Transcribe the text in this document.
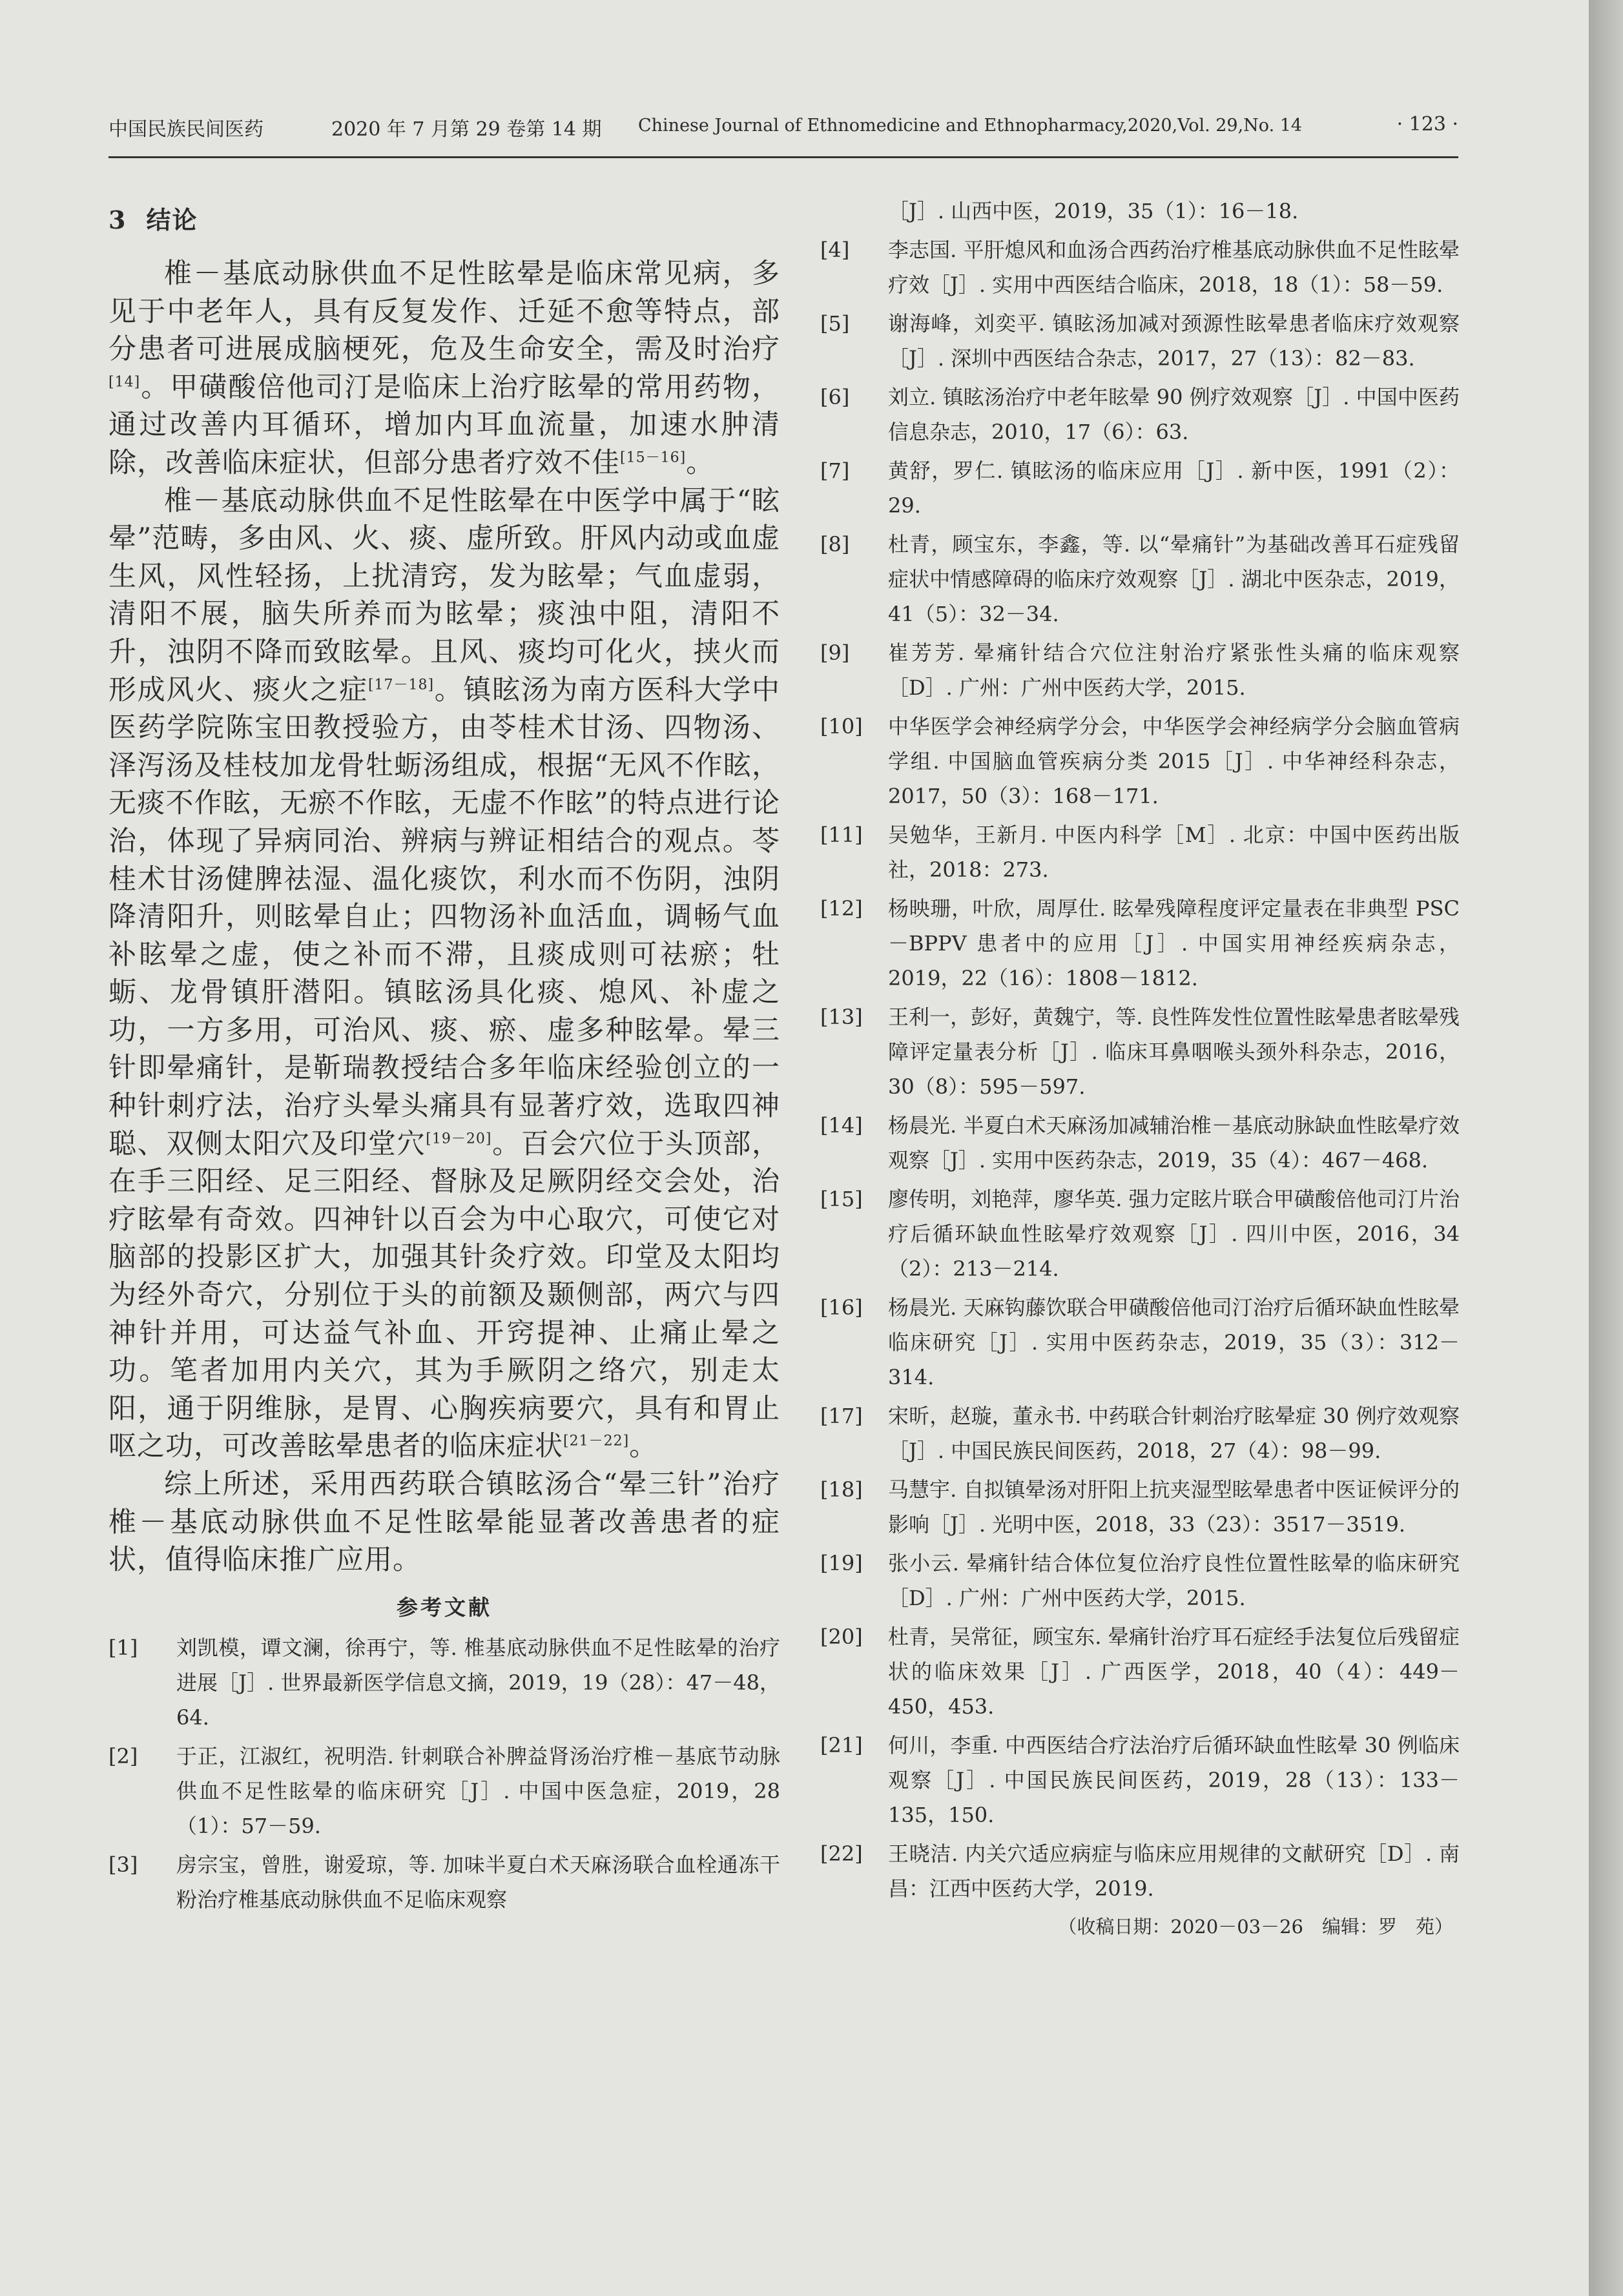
中国民族民间医药	2020 年 7 月第 29 卷第 14 期 Chinese Journal of Ethnomedicine and Ethnopharmacy,2020,Vol. 29,No. 14	· 123 ·
3 结论

椎－基底动脉供血不足性眩晕是临床常见病，多见于中老年人，具有反复发作、迁延不愈等特点，部分患者可进展成脑梗死，危及生命安全，需及时治疗[14]。甲磺酸倍他司汀是临床上治疗眩晕的常用药物，通过改善内耳循环，增加内耳血流量，加速水肿清除，改善临床症状，但部分患者疗效不佳[15－16]。

椎－基底动脉供血不足性眩晕在中医学中属于“眩晕”范畴，多由风、火、痰、虚所致。肝风内动或血虚生风，风性轻扬，上扰清窍，发为眩晕；气血虚弱，清阳不展，脑失所养而为眩晕；痰浊中阻，清阳不升，浊阴不降而致眩晕。且风、痰均可化火，挟火而形成风火、痰火之症[17－18]。镇眩汤为南方医科大学中医药学院陈宝田教授验方，由苓桂术甘汤、四物汤、泽泻汤及桂枝加龙骨牡蛎汤组成，根据“无风不作眩，无痰不作眩，无瘀不作眩，无虚不作眩”的特点进行论治，体现了异病同治、辨病与辨证相结合的观点。苓桂术甘汤健脾祛湿、温化痰饮，利水而不伤阴，浊阴降清阳升，则眩晕自止；四物汤补血活血，调畅气血补眩晕之虚，使之补而不滞，且痰成则可祛瘀；牡蛎、龙骨镇肝潜阳。镇眩汤具化痰、熄风、补虚之功，一方多用，可治风、痰、瘀、虚多种眩晕。晕三针即晕痛针，是靳瑞教授结合多年临床经验创立的一种针刺疗法，治疗头晕头痛具有显著疗效，选取四神聪、双侧太阳穴及印堂穴[19－20]。百会穴位于头顶部，在手三阳经、足三阳经、督脉及足厥阴经交会处，治疗眩晕有奇效。四神针以百会为中心取穴，可使它对脑部的投影区扩大，加强其针灸疗效。印堂及太阳均为经外奇穴，分别位于头的前额及颞侧部，两穴与四神针并用，可达益气补血、开窍提神、止痛止晕之功。笔者加用内关穴，其为手厥阴之络穴，别走太阳，通于阴维脉，是胃、心胸疾病要穴，具有和胃止呕之功，可改善眩晕患者的临床症状[21－22]。

综上所述，采用西药联合镇眩汤合“晕三针”治疗椎－基底动脉供血不足性眩晕能显著改善患者的症状，值得临床推广应用。

参考文献
[1]	刘凯模，谭文澜，徐再宁，等. 椎基底动脉供血不足性眩晕的治疗进展［J］. 世界最新医学信息文摘，2019，19（28）：47－48，64.
[2]	于正，江淑红，祝明浩. 针刺联合补脾益肾汤治疗椎－基底节动脉供血不足性眩晕的临床研究［J］. 中国中医急症，2019，28（1）：57－59.
[3]	房宗宝，曾胜，谢爱琼，等. 加味半夏白术天麻汤联合血栓通冻干粉治疗椎基底动脉供血不足临床观察
［J］. 山西中医，2019，35（1）：16－18.
[4]	李志国. 平肝熄风和血汤合西药治疗椎基底动脉供血不足性眩晕疗效［J］. 实用中西医结合临床，2018，18（1）：58－59.
[5]	谢海峰，刘奕平. 镇眩汤加减对颈源性眩晕患者临床疗效观察［J］. 深圳中西医结合杂志，2017，27（13）：82－83.
[6]	刘立. 镇眩汤治疗中老年眩晕 90 例疗效观察［J］. 中国中医药信息杂志，2010，17（6）：63.
[7]	黄舒，罗仁. 镇眩汤的临床应用［J］. 新中医，1991（2）：29.
[8]	杜青，顾宝东，李鑫，等. 以“晕痛针”为基础改善耳石症残留症状中情感障碍的临床疗效观察［J］. 湖北中医杂志，2019，41（5）：32－34.
[9]	崔芳芳. 晕痛针结合穴位注射治疗紧张性头痛的临床观察［D］. 广州：广州中医药大学，2015.
[10]	中华医学会神经病学分会，中华医学会神经病学分会脑血管病学组. 中国脑血管疾病分类 2015［J］. 中华神经科杂志，2017，50（3）：168－171.
[11]	吴勉华，王新月. 中医内科学［M］. 北京：中国中医药出版社，2018：273.
[12]	杨映珊，叶欣，周厚仕. 眩晕残障程度评定量表在非典型 PSC－BPPV 患者中的应用［J］. 中国实用神经疾病杂志，2019，22（16）：1808－1812.
[13]	王利一，彭好，黄魏宁，等. 良性阵发性位置性眩晕患者眩晕残障评定量表分析［J］. 临床耳鼻咽喉头颈外科杂志，2016，30（8）：595－597.
[14]	杨晨光. 半夏白术天麻汤加减辅治椎－基底动脉缺血性眩晕疗效观察［J］. 实用中医药杂志，2019，35（4）：467－468.
[15]	廖传明，刘艳萍，廖华英. 强力定眩片联合甲磺酸倍他司汀片治疗后循环缺血性眩晕疗效观察［J］. 四川中医，2016，34（2）：213－214.
[16]	杨晨光. 天麻钩藤饮联合甲磺酸倍他司汀治疗后循环缺血性眩晕临床研究［J］. 实用中医药杂志，2019，35（3）：312－314.
[17]	宋昕，赵璇，董永书. 中药联合针刺治疗眩晕症 30 例疗效观察［J］. 中国民族民间医药，2018，27（4）：98－99.
[18]	马慧宇. 自拟镇晕汤对肝阳上抗夹湿型眩晕患者中医证候评分的影响［J］. 光明中医，2018，33（23）：3517－3519.
[19]	张小云. 晕痛针结合体位复位治疗良性位置性眩晕的临床研究［D］. 广州：广州中医药大学，2015.
[20]	杜青，吴常征，顾宝东. 晕痛针治疗耳石症经手法复位后残留症状的临床效果［J］. 广西医学，2018，40（4）：449－450，453.
[21]	何川，李重. 中西医结合疗法治疗后循环缺血性眩晕 30 例临床观察［J］. 中国民族民间医药，2019，28（13）：133－135，150.
[22]	王晓洁. 内关穴适应病症与临床应用规律的文献研究［D］. 南昌：江西中医药大学，2019.
（收稿日期：2020－03－26　编辑：罗　苑）
